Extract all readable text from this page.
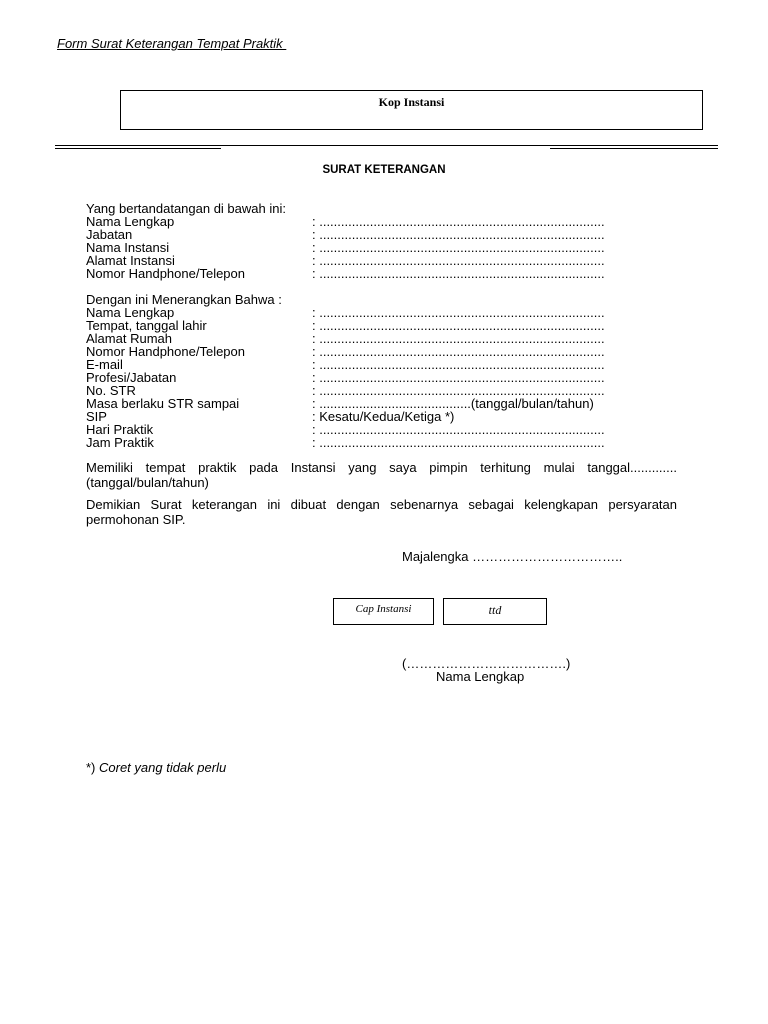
Form Surat Keterangan Tempat Praktik
Kop Instansi
SURAT KETERANGAN
Yang bertandatangan di bawah ini:
Nama Lengkap	: ...............................................................................
Jabatan	: ...............................................................................
Nama Instansi	: ...............................................................................
Alamat Instansi	: ...............................................................................
Nomor Handphone/Telepon	: ...............................................................................
Dengan ini Menerangkan Bahwa :
Nama Lengkap	: ...............................................................................
Tempat, tanggal lahir	: ...............................................................................
Alamat Rumah	: ...............................................................................
Nomor Handphone/Telepon	: ...............................................................................
E-mail	: ...............................................................................
Profesi/Jabatan	: ...............................................................................
No. STR	: ...............................................................................
Masa berlaku STR sampai	: ..........................................(tanggal/bulan/tahun)
SIP	: Kesatu/Kedua/Ketiga *)
Hari Praktik	: ...............................................................................
Jam Praktik	: ...............................................................................
Memiliki tempat praktik pada Instansi yang saya pimpin terhitung mulai tanggal............. (tanggal/bulan/tahun)
Demikian Surat keterangan ini dibuat dengan sebenarnya sebagai kelengkapan persyaratan permohonan SIP.
Majalengka ……………………………..
Cap Instansi	ttd
(……………………………….)
Nama Lengkap
*) Coret yang tidak perlu
